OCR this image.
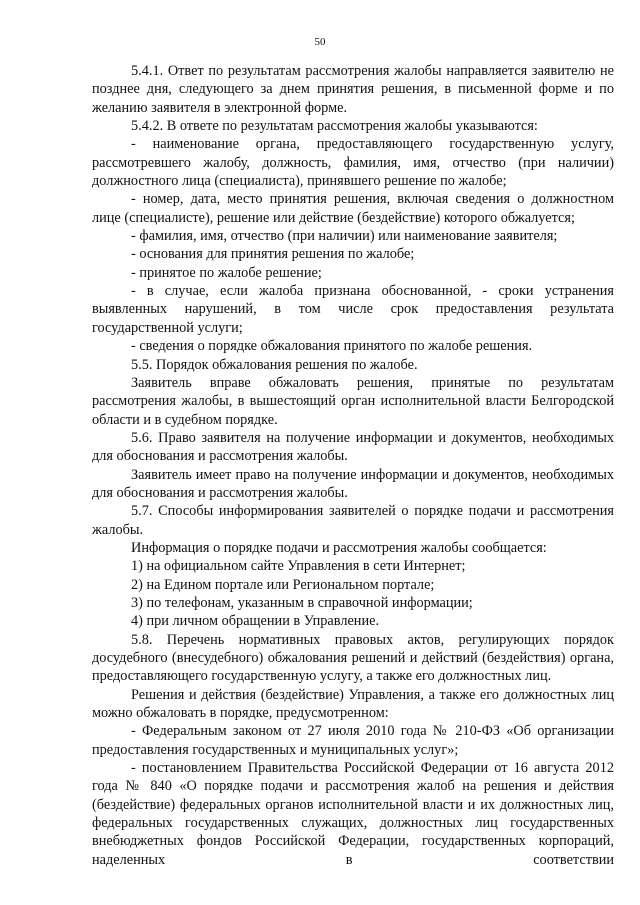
50

5.4.1. Ответ по результатам рассмотрения жалобы направляется заявителю не позднее дня, следующего за днем принятия решения, в письменной форме и по желанию заявителя в электронной форме.

5.4.2. В ответе по результатам рассмотрения жалобы указываются:

- наименование органа, предоставляющего государственную услугу, рассмотревшего жалобу, должность, фамилия, имя, отчество (при наличии) должностного лица (специалиста), принявшего решение по жалобе;

- номер, дата, место принятия решения, включая сведения о должностном лице (специалисте), решение или действие (бездействие) которого обжалуется;

- фамилия, имя, отчество (при наличии) или наименование заявителя;

- основания для принятия решения по жалобе;

- принятое по жалобе решение;

- в случае, если жалоба признана обоснованной, - сроки устранения выявленных нарушений, в том числе срок предоставления результата государственной услуги;

- сведения о порядке обжалования принятого по жалобе решения.

5.5. Порядок обжалования решения по жалобе.

Заявитель вправе обжаловать решения, принятые по результатам рассмотрения жалобы, в вышестоящий орган исполнительной власти Белгородской области и в судебном порядке.

5.6. Право заявителя на получение информации и документов, необходимых для обоснования и рассмотрения жалобы.

Заявитель имеет право на получение информации и документов, необходимых для обоснования и рассмотрения жалобы.

5.7. Способы информирования заявителей о порядке подачи и рассмотрения жалобы.

Информация о порядке подачи и рассмотрения жалобы сообщается:

1) на официальном сайте Управления в сети Интернет;

2) на Едином портале или Региональном портале;

3) по телефонам, указанным в справочной информации;

4) при личном обращении в Управление.

5.8. Перечень нормативных правовых актов, регулирующих порядок досудебного (внесудебного) обжалования решений и действий (бездействия) органа, предоставляющего государственную услугу, а также его должностных лиц.

Решения и действия (бездействие) Управления, а также его должностных лиц можно обжаловать в порядке, предусмотренном:

- Федеральным законом от 27 июля 2010 года № 210-ФЗ «Об организации предоставления государственных и муниципальных услуг»;

- постановлением Правительства Российской Федерации от 16 августа 2012 года № 840 «О порядке подачи и рассмотрения жалоб на решения и действия (бездействие) федеральных органов исполнительной власти и их должностных лиц, федеральных государственных служащих, должностных лиц государственных внебюджетных фондов Российской Федерации, государственных корпораций, наделенных в соответствии
